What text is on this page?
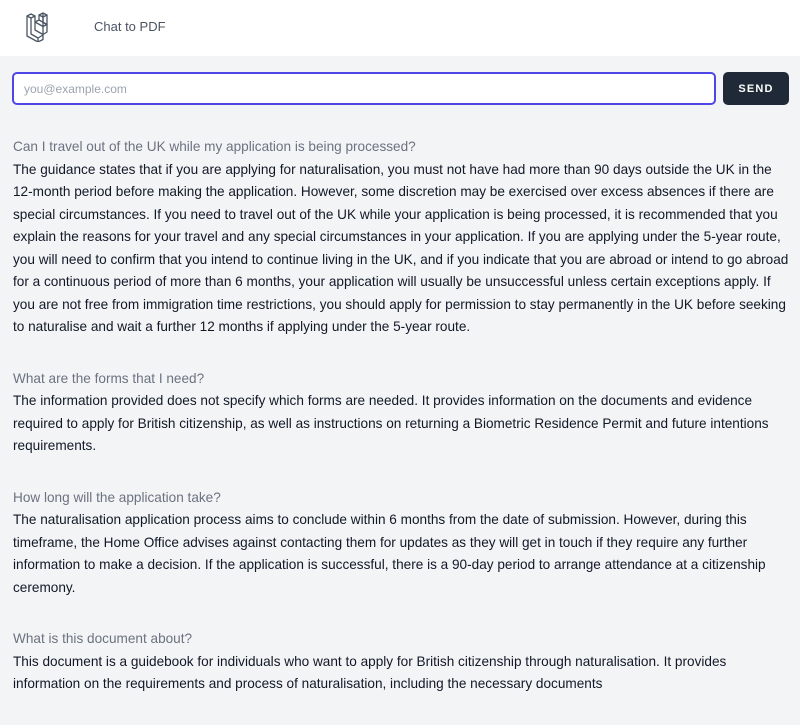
Chat to PDF
you@example.com
SEND
Can I travel out of the UK while my application is being processed?
The guidance states that if you are applying for naturalisation, you must not have had more than 90 days outside the UK in the 12-month period before making the application. However, some discretion may be exercised over excess absences if there are special circumstances. If you need to travel out of the UK while your application is being processed, it is recommended that you explain the reasons for your travel and any special circumstances in your application. If you are applying under the 5-year route, you will need to confirm that you intend to continue living in the UK, and if you indicate that you are abroad or intend to go abroad for a continuous period of more than 6 months, your application will usually be unsuccessful unless certain exceptions apply. If you are not free from immigration time restrictions, you should apply for permission to stay permanently in the UK before seeking to naturalise and wait a further 12 months if applying under the 5-year route.
What are the forms that I need?
The information provided does not specify which forms are needed. It provides information on the documents and evidence required to apply for British citizenship, as well as instructions on returning a Biometric Residence Permit and future intentions requirements.
How long will the application take?
The naturalisation application process aims to conclude within 6 months from the date of submission. However, during this timeframe, the Home Office advises against contacting them for updates as they will get in touch if they require any further information to make a decision. If the application is successful, there is a 90-day period to arrange attendance at a citizenship ceremony.
What is this document about?
This document is a guidebook for individuals who want to apply for British citizenship through naturalisation. It provides information on the requirements and process of naturalisation, including the necessary documents
